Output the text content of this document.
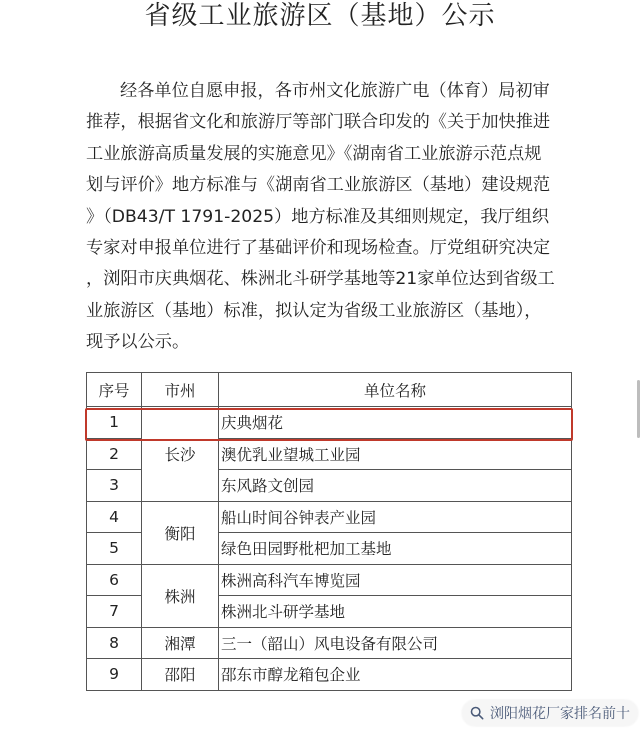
省级工业旅游区（基地）公示

经各单位自愿申报，各市州文化旅游广电（体育）局初审
推荐，根据省文化和旅游厅等部门联合印发的《关于加快推进
工业旅游高质量发展的实施意见》《湖南省工业旅游示范点规
划与评价》地方标准与《湖南省工业旅游区（基地）建设规范
》（DB43/T 1791-2025）地方标准及其细则规定，我厅组织
专家对申报单位进行了基础评价和现场检查。厅党组研究决定
，浏阳市庆典烟花、株洲北斗研学基地等21家单位达到省级工
业旅游区（基地）标准，拟认定为省级工业旅游区（基地），
现予以公示。

序号	市州	单位名称
1	长沙	庆典烟花
2		澳优乳业望城工业园
3		东风路文创园
4	衡阳	船山时间谷钟表产业园
5		绿色田园野枇杷加工基地
6	株洲	株洲高科汽车博览园
7		株洲北斗研学基地
8	湘潭	三一（韶山）风电设备有限公司
9	邵阳	邵东市醇龙箱包企业
浏阳烟花厂家排名前十
